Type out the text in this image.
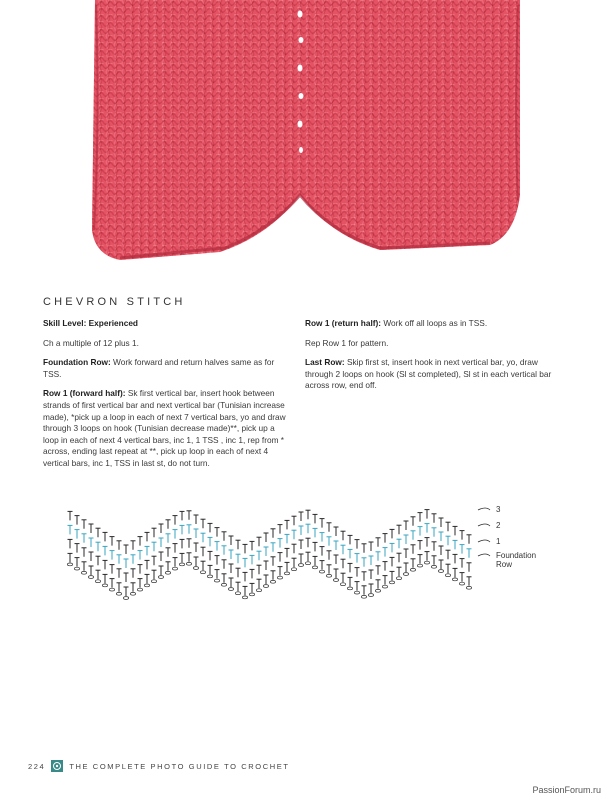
CHEVRON STITCH

Skill Level: Experienced

Ch a multiple of 12 plus 1.

Foundation Row: Work forward and return halves same as for TSS.

Row 1 (forward half): Sk first vertical bar, insert hook between strands of first vertical bar and next vertical bar (Tunisian increase made), *pick up a loop in each of next 7 vertical bars, yo and draw through 3 loops on hook (Tunisian decrease made)**, pick up a loop in each of next 4 vertical bars, inc 1, 1 TSS , inc 1, rep from * across, ending last repeat at **, pick up loop in each of next 4 vertical bars, inc 1, TSS in last st, do not turn.

Row 1 (return half): Work off all loops as in TSS.

Rep Row 1 for pattern.

Last Row: Skip first st, insert hook in next vertical bar, yo, draw through 2 loops on hook (Sl st completed), Sl st in each vertical bar across row, end off.

3
2
1
Foundation
Row
224	THE COMPLETE PHOTO GUIDE TO CROCHET
PassionForum.ru
